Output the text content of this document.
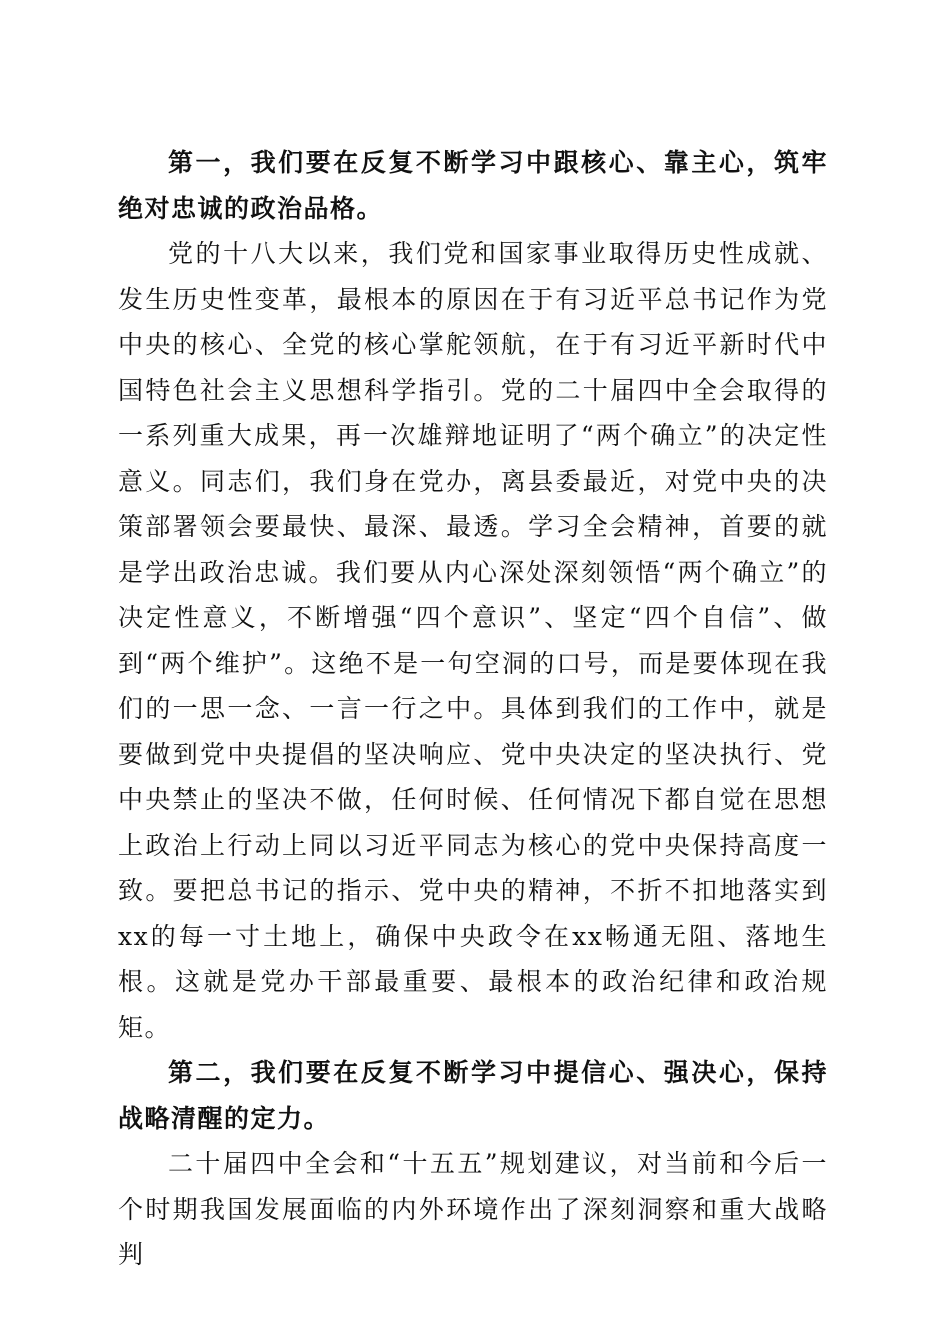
第一，我们要在反复不断学习中跟核心、靠主心，筑牢绝对忠诚的政治品格。

党的十八大以来，我们党和国家事业取得历史性成就、发生历史性变革，最根本的原因在于有习近平总书记作为党中央的核心、全党的核心掌舵领航，在于有习近平新时代中国特色社会主义思想科学指引。党的二十届四中全会取得的一系列重大成果，再一次雄辩地证明了“两个确立”的决定性意义。同志们，我们身在党办，离县委最近，对党中央的决策部署领会要最快、最深、最透。学习全会精神，首要的就是学出政治忠诚。我们要从内心深处深刻领悟“两个确立”的决定性意义，不断增强“四个意识”、坚定“四个自信”、做到“两个维护”。这绝不是一句空洞的口号，而是要体现在我们的一思一念、一言一行之中。具体到我们的工作中，就是要做到党中央提倡的坚决响应、党中央决定的坚决执行、党中央禁止的坚决不做，任何时候、任何情况下都自觉在思想上政治上行动上同以习近平同志为核心的党中央保持高度一致。要把总书记的指示、党中央的精神，不折不扣地落实到xx的每一寸土地上，确保中央政令在xx畅通无阻、落地生根。这就是党办干部最重要、最根本的政治纪律和政治规矩。

第二，我们要在反复不断学习中提信心、强决心，保持战略清醒的定力。

二十届四中全会和“十五五”规划建议，对当前和今后一个时期我国发展面临的内外环境作出了深刻洞察和重大战略判
